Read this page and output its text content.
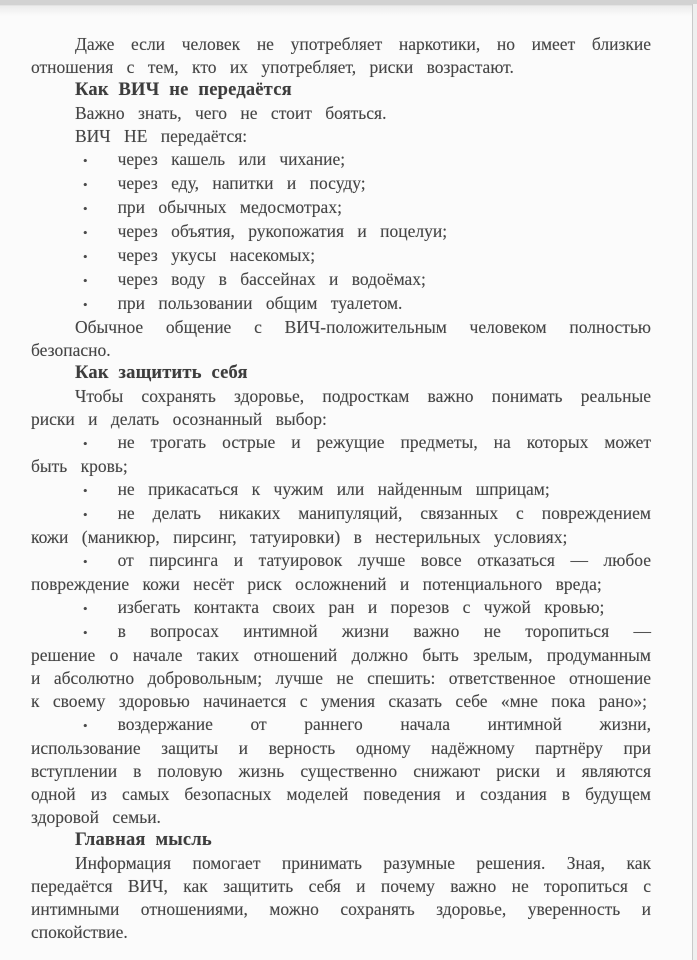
Даже если человек не употребляет наркотики, но имеет близкие отношения с тем, кто их употребляет, риски возрастают.

Как ВИЧ не передаётся

Важно знать, чего не стоит бояться.

ВИЧ НЕ передаётся:

• через кашель или чихание;

• через еду, напитки и посуду;

• при обычных медосмотрах;

• через объятия, рукопожатия и поцелуи;

• через укусы насекомых;

• через воду в бассейнах и водоёмах;

• при пользовании общим туалетом.

Обычное общение с ВИЧ-положительным человеком полностью безопасно.

Как защитить себя

Чтобы сохранять здоровье, подросткам важно понимать реальные риски и делать осознанный выбор:

• не трогать острые и режущие предметы, на которых может быть кровь;

• не прикасаться к чужим или найденным шприцам;

• не делать никаких манипуляций, связанных с повреждением кожи (маникюр, пирсинг, татуировки) в нестерильных условиях;

• от пирсинга и татуировок лучше вовсе отказаться — любое повреждение кожи несёт риск осложнений и потенциального вреда;

• избегать контакта своих ран и порезов с чужой кровью;

• в вопросах интимной жизни важно не торопиться — решение о начале таких отношений должно быть зрелым, продуманным и абсолютно добровольным; лучше не спешить: ответственное отношение к своему здоровью начинается с умения сказать себе «мне пока рано»;

• воздержание от раннего начала интимной жизни, использование защиты и верность одному надёжному партнёру при вступлении в половую жизнь существенно снижают риски и являются одной из самых безопасных моделей поведения и создания в будущем здоровой семьи.

Главная мысль

Информация помогает принимать разумные решения. Зная, как передаётся ВИЧ, как защитить себя и почему важно не торопиться с интимными отношениями, можно сохранять здоровье, уверенность и спокойствие.
